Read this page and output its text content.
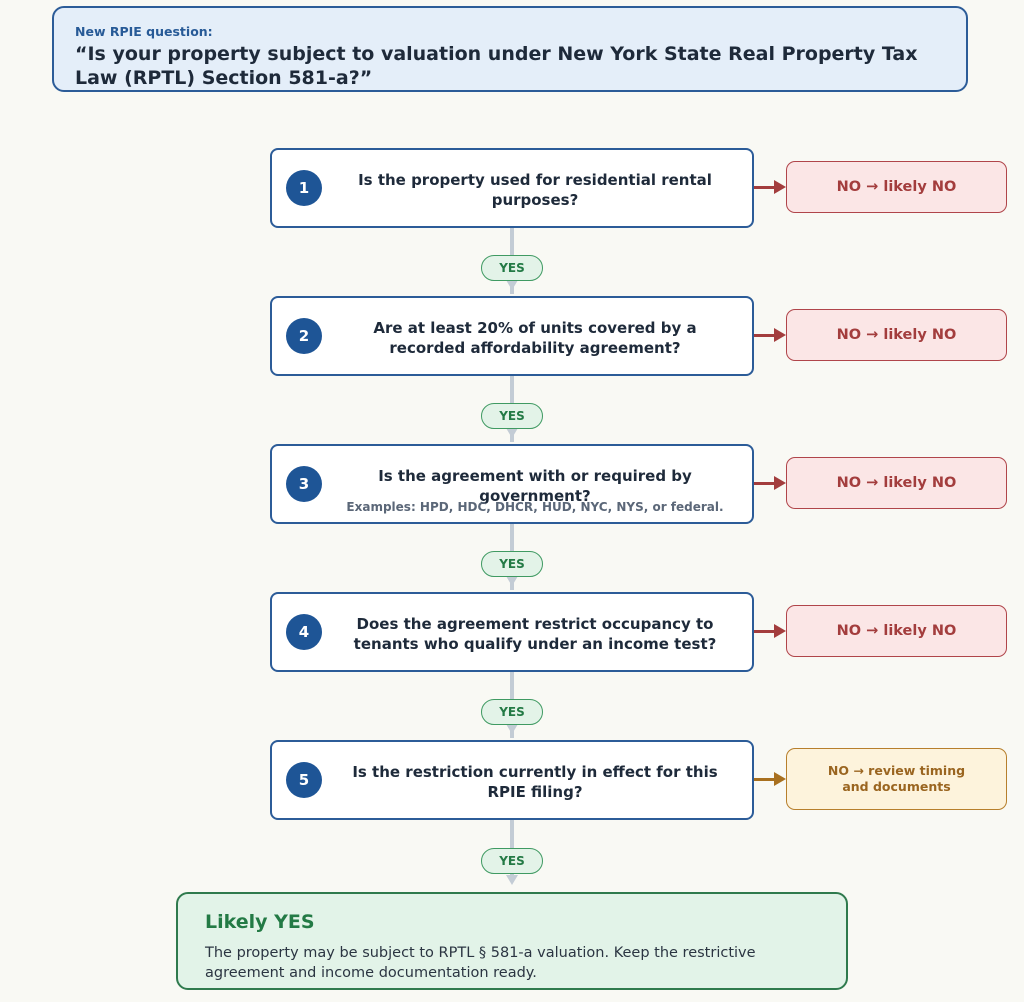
New RPIE question:
“Is your property subject to valuation under New York State Real Property Tax Law (RPTL) Section 581-a?”
YES
YES
YES
YES
YES
1	Is the property used for residential rental purposes?
NO → likely NO
2	Are at least 20% of units covered by a recorded affordability agreement?
NO → likely NO
3	Is the agreement with or required by government?
Examples: HPD, HDC, DHCR, HUD, NYC, NYS, or federal.
NO → likely NO
4	Does the agreement restrict occupancy to tenants who qualify under an income test?
NO → likely NO
5	Is the restriction currently in effect for this RPIE filing?
NO → review timing and documents
Likely YES
The property may be subject to RPTL § 581-a valuation. Keep the restrictive agreement and income documentation ready.
